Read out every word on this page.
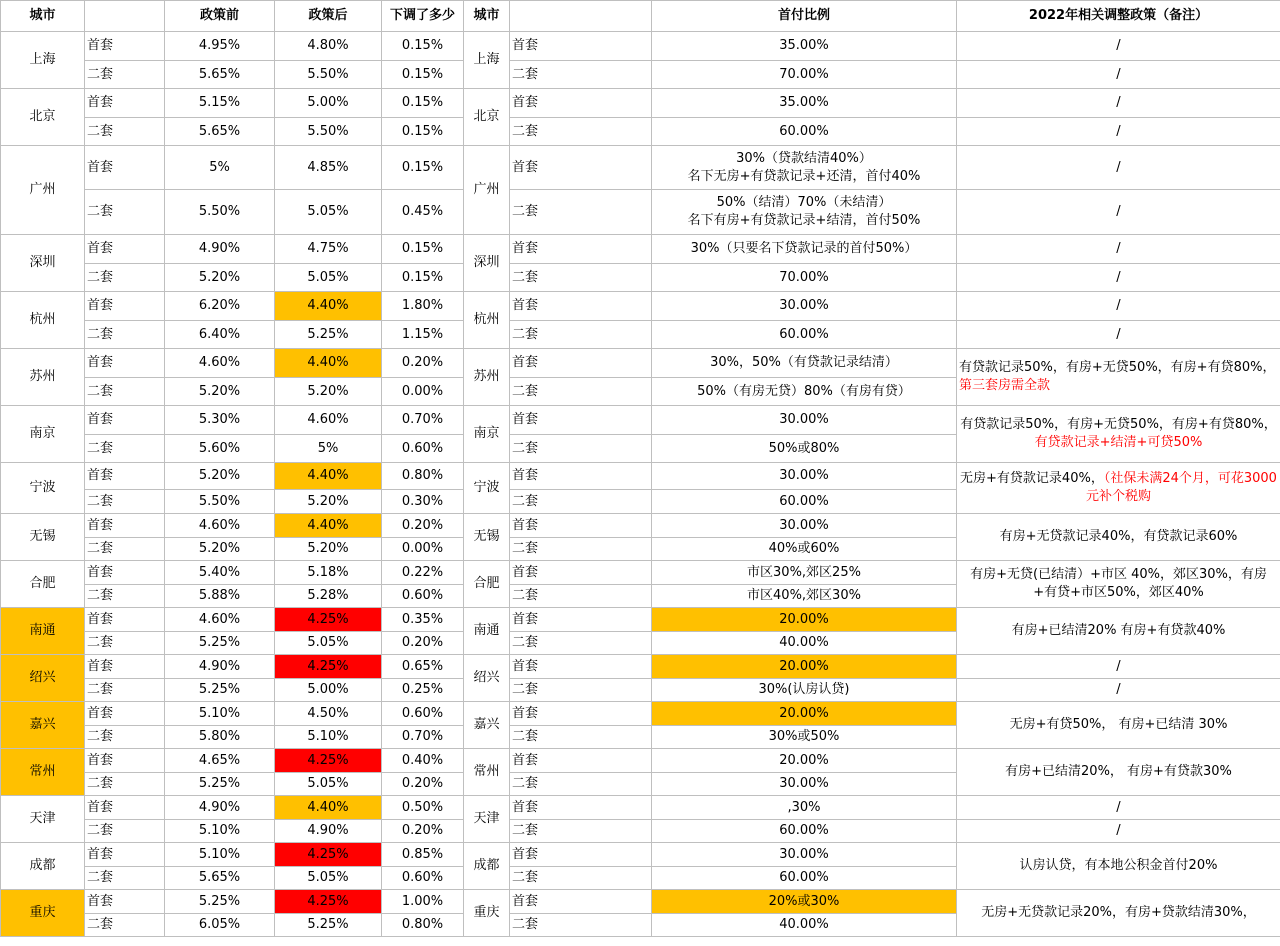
城市		政策前	政策后	下调了多少	城市		首付比例	2022年相关调整政策（备注）
上海	首套	4.95%	4.80%	0.15%	上海	首套	35.00%	/
	二套	5.65%	5.50%	0.15%		二套	70.00%	/
北京	首套	5.15%	5.00%	0.15%	北京	首套	35.00%	/
	二套	5.65%	5.50%	0.15%		二套	60.00%	/
广州	首套	5%	4.85%	0.15%	广州	首套	30%（贷款结清40%）
名下无房+有贷款记录+还清，首付40%	/
	二套	5.50%	5.05%	0.45%		二套	50%（结清）70%（未结清）
名下有房+有贷款记录+结清，首付50%	/
深圳	首套	4.90%	4.75%	0.15%	深圳	首套	30%（只要名下贷款记录的首付50%）	/
	二套	5.20%	5.05%	0.15%		二套	70.00%	/
杭州	首套	6.20%	4.40%	1.80%	杭州	首套	30.00%	/
	二套	6.40%	5.25%	1.15%		二套	60.00%	/
苏州	首套	4.60%	4.40%	0.20%	苏州	首套	30%，50%（有贷款记录结清）	有贷款记录50%，有房+无贷50%，有房+有贷80%，第三套房需全款
	二套	5.20%	5.20%	0.00%		二套	50%（有房无贷）80%（有房有贷）	
南京	首套	5.30%	4.60%	0.70%	南京	首套	30.00%	有贷款记录50%，有房+无贷50%，有房+有贷80%，有贷款记录+结清+可贷50%
	二套	5.60%	5%	0.60%		二套	50%或80%	
宁波	首套	5.20%	4.40%	0.80%	宁波	首套	30.00%	无房+有贷款记录40%，（社保未满24个月，可花3000元补个税购
	二套	5.50%	5.20%	0.30%		二套	60.00%	
无锡	首套	4.60%	4.40%	0.20%	无锡	首套	30.00%	有房+无贷款记录40%，有贷款记录60%
	二套	5.20%	5.20%	0.00%		二套	40%或60%	
合肥	首套	5.40%	5.18%	0.22%	合肥	首套	市区30%,郊区25%	有房+无贷(已结清）+市区 40%，郊区30%，有房+有贷+市区50%，郊区40%
	二套	5.88%	5.28%	0.60%		二套	市区40%,郊区30%	
南通	首套	4.60%	4.25%	0.35%	南通	首套	20.00%	有房+已结清20% 有房+有贷款40%
	二套	5.25%	5.05%	0.20%		二套	40.00%	
绍兴	首套	4.90%	4.25%	0.65%	绍兴	首套	20.00%	/
	二套	5.25%	5.00%	0.25%		二套	30%(认房认贷)	/
嘉兴	首套	5.10%	4.50%	0.60%	嘉兴	首套	20.00%	无房+有贷50%， 有房+已结清 30%
	二套	5.80%	5.10%	0.70%		二套	30%或50%	
常州	首套	4.65%	4.25%	0.40%	常州	首套	20.00%	有房+已结清20%， 有房+有贷款30%
	二套	5.25%	5.05%	0.20%		二套	30.00%	
天津	首套	4.90%	4.40%	0.50%	天津	首套	,30%	/
	二套	5.10%	4.90%	0.20%		二套	60.00%	/
成都	首套	5.10%	4.25%	0.85%	成都	首套	30.00%	认房认贷，有本地公积金首付20%
	二套	5.65%	5.05%	0.60%		二套	60.00%	
重庆	首套	5.25%	4.25%	1.00%	重庆	首套	20%或30%	无房+无贷款记录20%，有房+贷款结清30%，
	二套	6.05%	5.25%	0.80%		二套	40.00%	
